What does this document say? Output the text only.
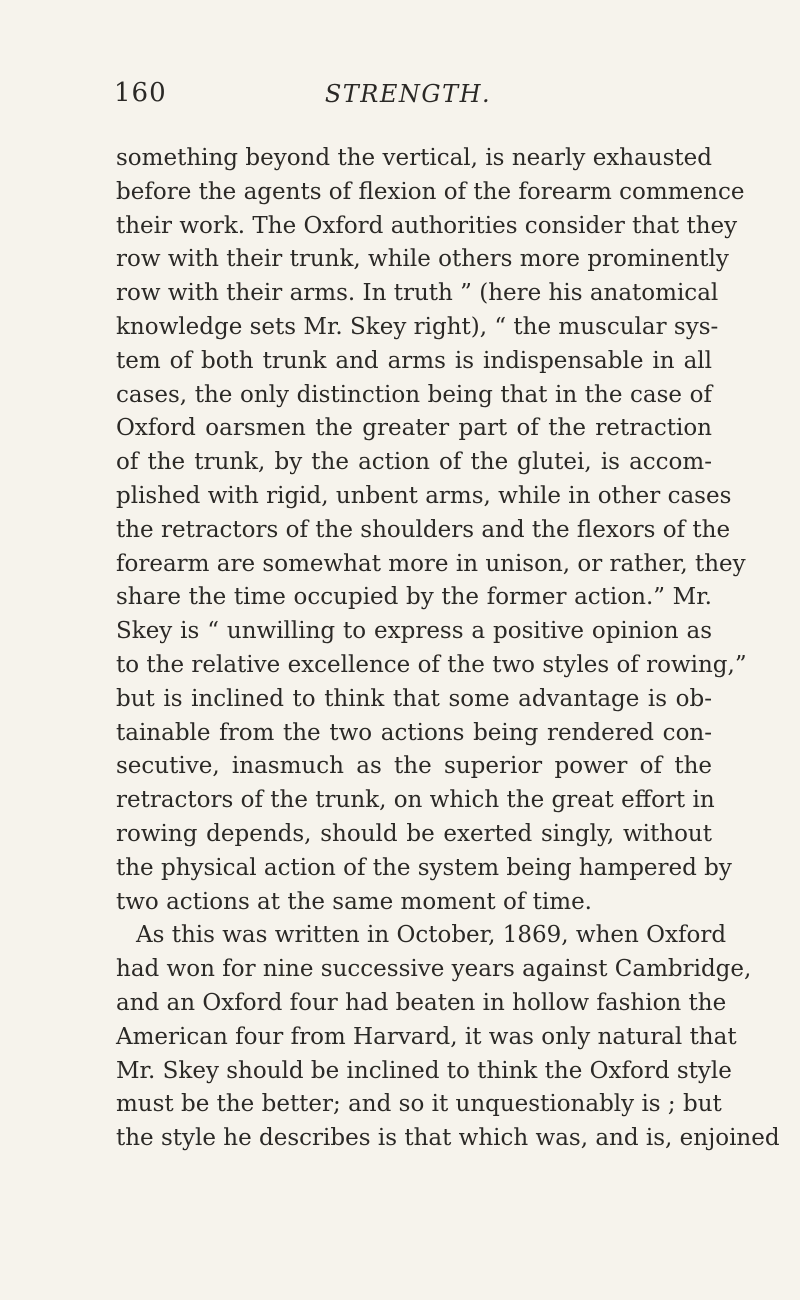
160	STRENGTH.
something beyond the vertical, is nearly exhausted
before the agents of flexion of the forearm commence
their work. The Oxford authorities consider that they
row with their trunk, while others more prominently
row with their arms. In truth ” (here his anatomical
knowledge sets Mr. Skey right), “ the muscular sys-
tem of both trunk and arms is indispensable in all
cases, the only distinction being that in the case of
Oxford oarsmen the greater part of the retraction
of the trunk, by the action of the glutei, is accom-
plished with rigid, unbent arms, while in other cases
the retractors of the shoulders and the flexors of the
forearm are somewhat more in unison, or rather, they
share the time occupied by the former action.” Mr.
Skey is “ unwilling to express a positive opinion as
to the relative excellence of the two styles of rowing,”
but is inclined to think that some advantage is ob-
tainable from the two actions being rendered con-
secutive, inasmuch as the superior power of the
retractors of the trunk, on which the great effort in
rowing depends, should be exerted singly, without
the physical action of the system being hampered by
two actions at the same moment of time.
As this was written in October, 1869, when Oxford
had won for nine successive years against Cambridge,
and an Oxford four had beaten in hollow fashion the
American four from Harvard, it was only natural that
Mr. Skey should be inclined to think the Oxford style
must be the better; and so it unquestionably is ; but
the style he describes is that which was, and is, enjoined
